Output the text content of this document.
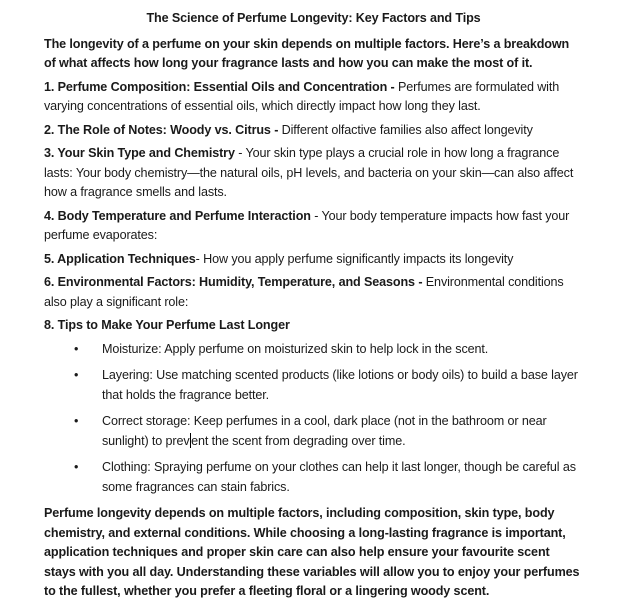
The Science of Perfume Longevity: Key Factors and Tips

The longevity of a perfume on your skin depends on multiple factors. Here’s a breakdown of what affects how long your fragrance lasts and how you can make the most of it.

1. Perfume Composition: Essential Oils and Concentration - Perfumes are formulated with varying concentrations of essential oils, which directly impact how long they last.

2. The Role of Notes: Woody vs. Citrus - Different olfactive families also affect longevity

3. Your Skin Type and Chemistry - Your skin type plays a crucial role in how long a fragrance lasts: Your body chemistry—the natural oils, pH levels, and bacteria on your skin—can also affect how a fragrance smells and lasts.

4. Body Temperature and Perfume Interaction - Your body temperature impacts how fast your perfume evaporates:

5. Application Techniques- How you apply perfume significantly impacts its longevity

6. Environmental Factors: Humidity, Temperature, and Seasons - Environmental conditions also play a significant role:

8. Tips to Make Your Perfume Last Longer

•	Moisturize: Apply perfume on moisturized skin to help lock in the scent.
•	Layering: Use matching scented products (like lotions or body oils) to build a base layer that holds the fragrance better.
•	Correct storage: Keep perfumes in a cool, dark place (not in the bathroom or near sunlight) to prev ent the scent from degrading over time.
•	Clothing: Spraying perfume on your clothes can help it last longer, though be careful as some fragrances can stain fabrics.

Perfume longevity depends on multiple factors, including composition, skin type, body chemistry, and external conditions. While choosing a long-lasting fragrance is important, application techniques and proper skin care can also help ensure your favourite scent stays with you all day. Understanding these variables will allow you to enjoy your perfumes to the fullest, whether you prefer a fleeting floral or a lingering woody scent.
